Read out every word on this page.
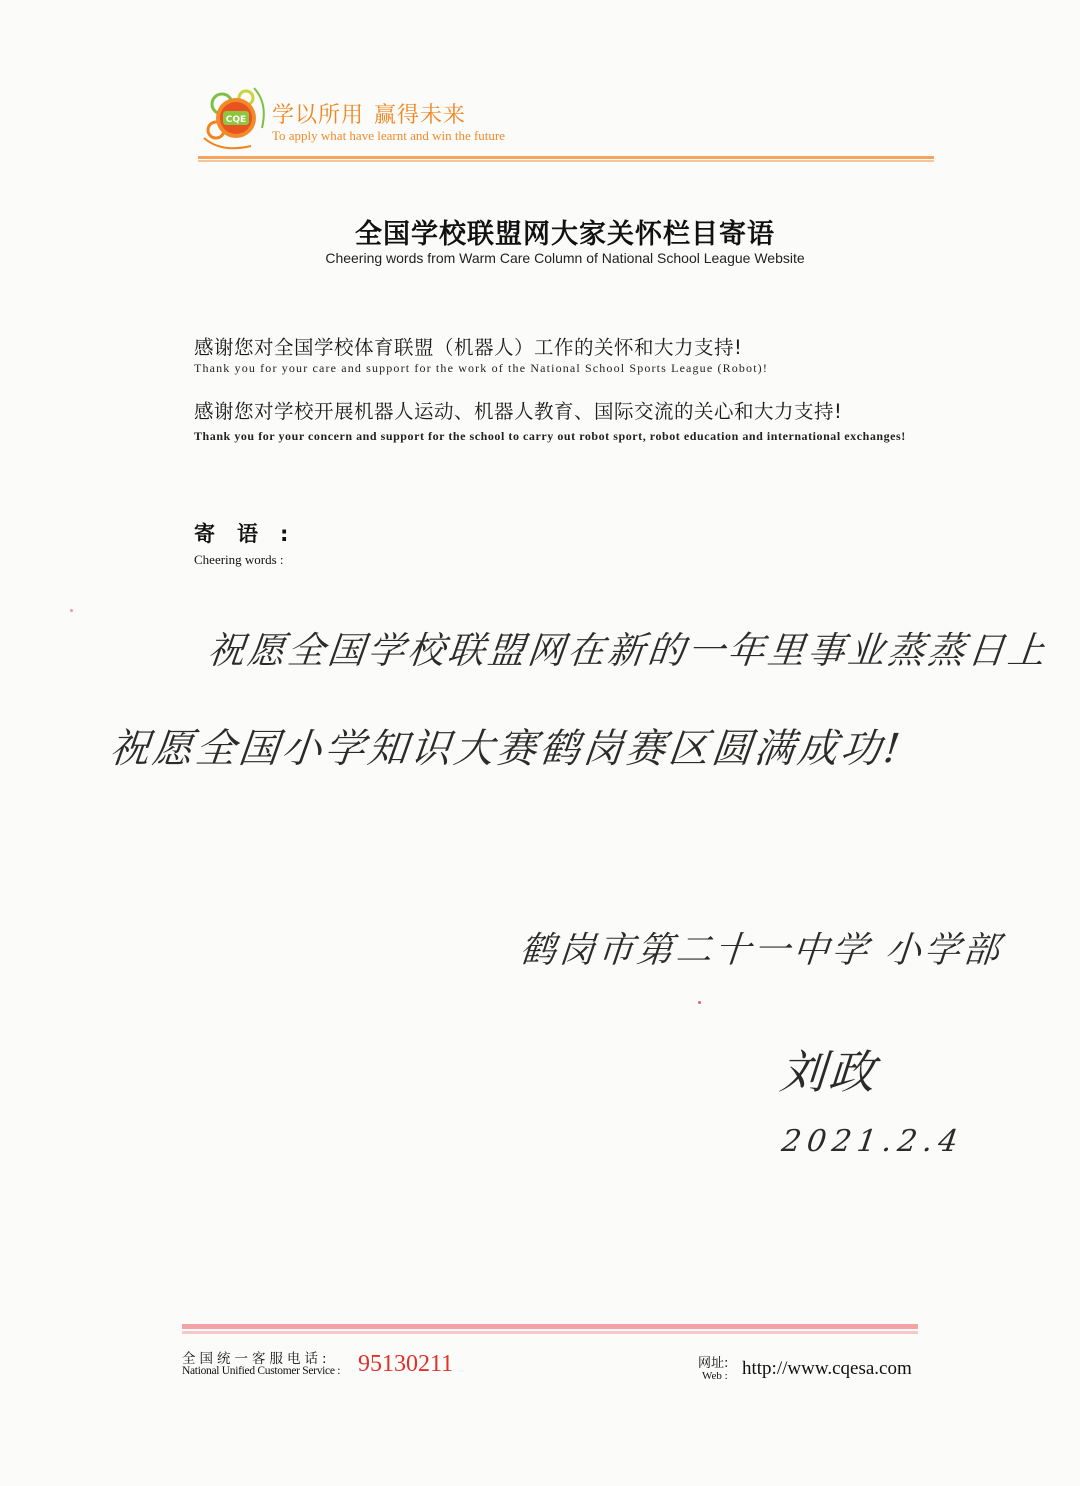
CQE 学以所用 赢得未来
To apply what have learnt and win the future
全国学校联盟网大家关怀栏目寄语
Cheering words from Warm Care Column of National School League Website
感谢您对全国学校体育联盟（机器人）工作的关怀和大力支持!
Thank you for your care and support for the work of the National School Sports League (Robot)!
感谢您对学校开展机器人运动、机器人教育、国际交流的关心和大力支持!
Thank you for your concern and support for the school to carry out robot sport, robot education and international exchanges!
寄语:
Cheering words :
祝愿全国学校联盟网在新的一年里事业蒸蒸日上
祝愿全国小学知识大赛鹤岗赛区圆满成功!
鹤岗市第二十一中学 小学部
刘政
2021.2.4
全国统一客服电话:
National Unified Customer Service : 95130211	网址:
Web : http://www.cqesa.com
